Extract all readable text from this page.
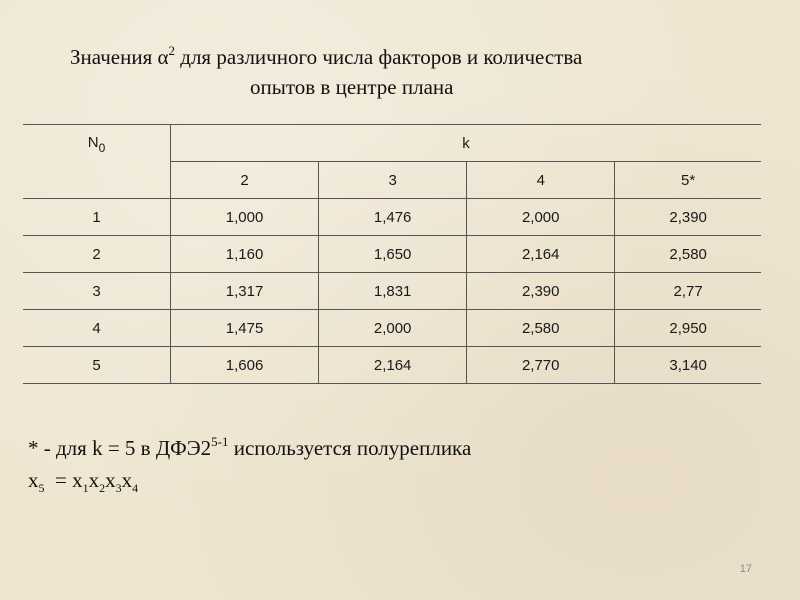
Значения $\alpha^2$ для различного числа факторов и количества
опытов в центре плана
$N_0$	k			
	2	3	4	5*
1	1,000	1,476	2,000	2,390
2	1,160	1,650	2,164	2,580
3	1,317	1,831	2,390	2,77
4	1,475	2,000	2,580	2,950
5	1,606	2,164	2,770	3,140
* - для k = 5 в ДФЭ2$^{5-1}$ используется полуреплика
$x_5 = x_1x_2x_3x_4$
17
